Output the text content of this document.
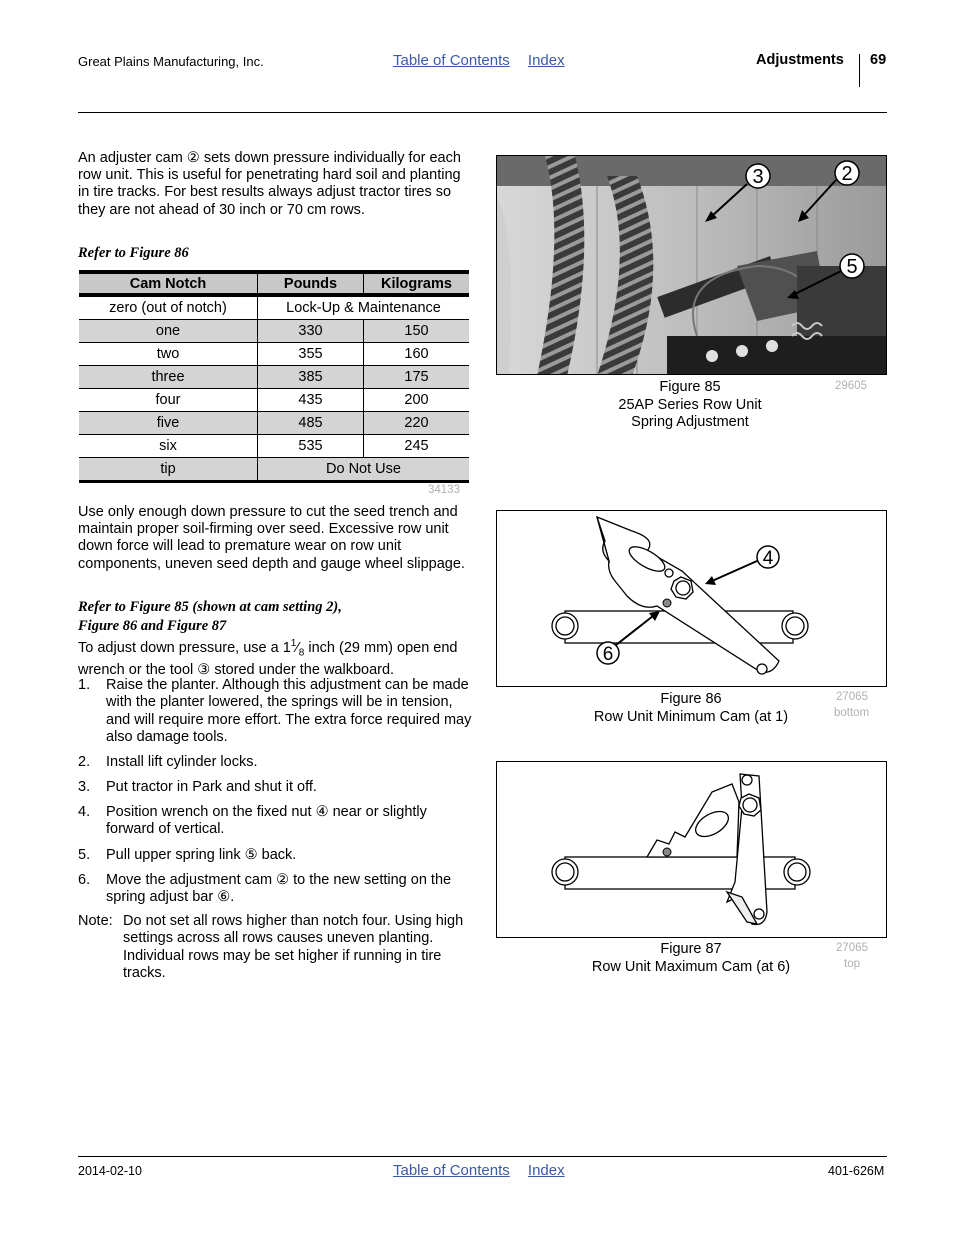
Great Plains Manufacturing, Inc.	Table of Contents Index	Adjustments 69
An adjuster cam ② sets down pressure individually for each row unit. This is useful for penetrating hard soil and planting in tire tracks. For best results always adjust tractor tires so they are not ahead of 30 inch or 70 cm rows.
Refer to Figure 86
Cam Notch	Pounds	Kilograms
zero (out of notch)	Lock-Up & Maintenance	
one	330	150
two	355	160
three	385	175
four	435	200
five	485	220
six	535	245
tip	Do Not Use	
34133
Use only enough down pressure to cut the seed trench and maintain proper soil-firming over seed. Excessive row unit down force will lead to premature wear on row unit components, uneven seed depth and gauge wheel slippage.
Refer to Figure 85 (shown at cam setting 2),
Figure 86 and Figure 87
To adjust down pressure, use a $1^1⁄_8$ inch (29 mm) open end wrench or the tool ③ stored under the walkboard.
1. Raise the planter. Although this adjustment can be made with the planter lowered, the springs will be in tension, and will require more effort. The extra force required may also damage tools.
2. Install lift cylinder locks.
3. Put tractor in Park and shut it off.
4. Position wrench on the fixed nut ④ near or slightly forward of vertical.
5. Pull upper spring link ⑤ back.
6. Move the adjustment cam ② to the new setting on the spring adjust bar ⑥.
Note: Do not set all rows higher than notch four. Using high settings across all rows causes uneven planting. Individual rows may be set higher if running in tire tracks.
3	2
5
Figure 85
25AP Series Row Unit
Spring Adjustment
29605
4
6
Figure 86
Row Unit Minimum Cam (at 1)
27065
bottom
Figure 87
Row Unit Maximum Cam (at 6)
27065
top
2014-02-10	Table of Contents Index	401-626M
